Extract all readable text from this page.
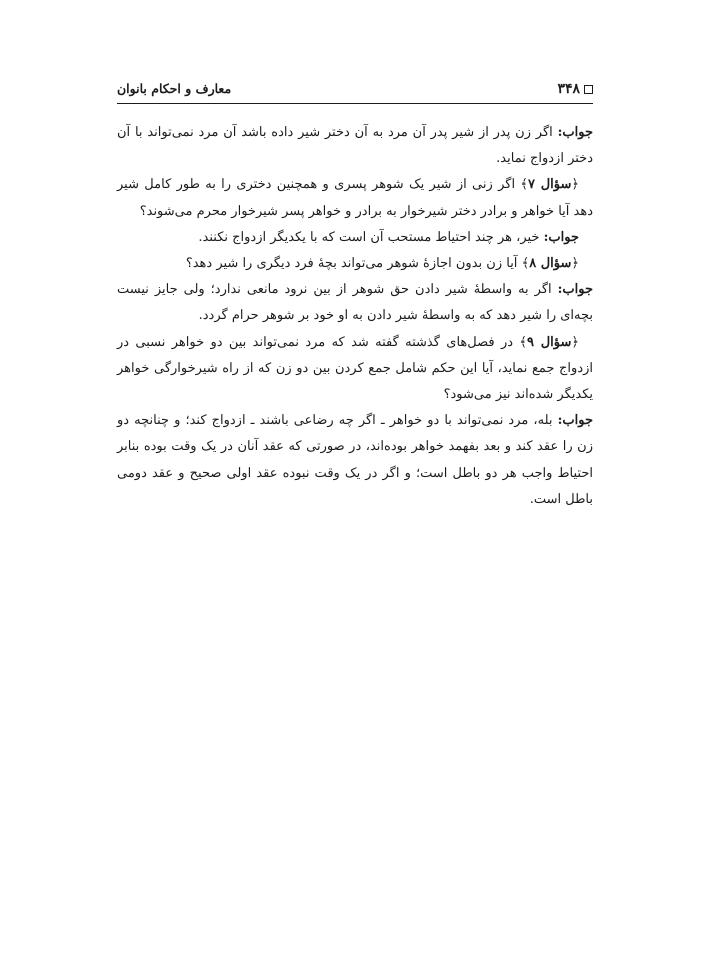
معارف و احکام بانوان	۳۴۸

جواب: اگر زن پدر از شیر پدر آن مرد به آن دختر شیر داده باشد آن مرد نمی‌تواند با آن دختر ازدواج نماید.

﴿سؤال ۷﴾ اگر زنی از شیر یک شوهر پسری و همچنین دختری را به طور کامل شیر دهد آیا خواهر و برادر دختر شیرخوار به برادر و خواهر پسر شیرخوار محرم می‌شوند؟

جواب: خیر، هر چند احتیاط مستحب آن است که با یکدیگر ازدواج نکنند.

﴿سؤال ۸﴾ آیا زن بدون اجازهٔ شوهر می‌تواند بچهٔ فرد دیگری را شیر دهد؟

جواب: اگر به واسطهٔ شیر دادن حق شوهر از بین نرود مانعی ندارد؛ ولی جایز نیست بچه‌ای را شیر دهد که به واسطهٔ شیر دادن به او خود بر شوهر حرام گردد.

﴿سؤال ۹﴾ در فصل‌های گذشته گفته شد که مرد نمی‌تواند بین دو خواهر نسبی در ازدواج جمع نماید، آیا این حکم شامل جمع کردن بین دو زن که از راه شیرخوارگی خواهر یکدیگر شده‌اند نیز می‌شود؟

جواب: بله، مرد نمی‌تواند با دو خواهر ـ اگر چه رضاعی باشند ـ ازدواج کند؛ و چنانچه دو زن را عقد کند و بعد بفهمد خواهر بوده‌اند، در صورتی که عقد آنان در یک وقت بوده بنابر احتیاط واجب هر دو باطل است؛ و اگر در یک وقت نبوده عقد اولی صحیح و عقد دومی باطل است.
